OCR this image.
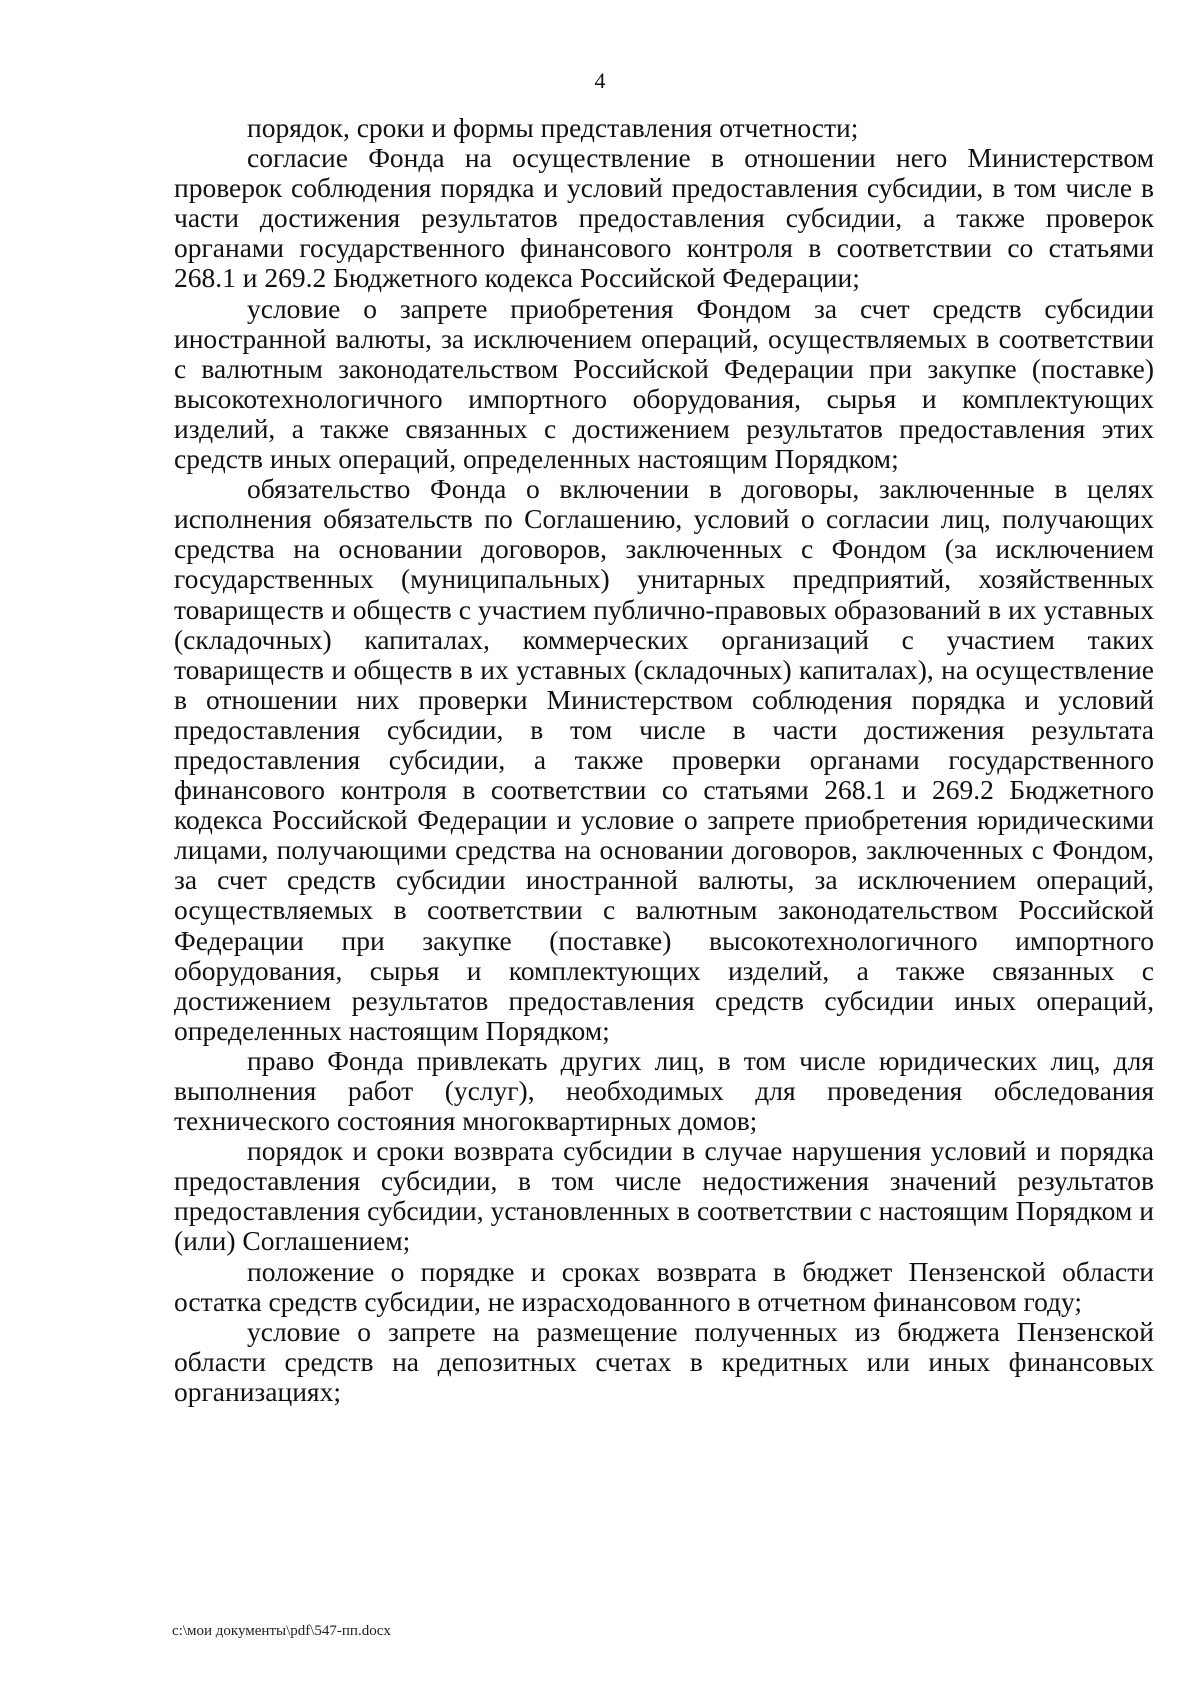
4

порядок, сроки и формы представления отчетности;

согласие Фонда на осуществление в отношении него Министерством проверок соблюдения порядка и условий предоставления субсидии, в том числе в части достижения результатов предоставления субсидии, а также проверок органами государственного финансового контроля в соответствии со статьями 268.1 и 269.2 Бюджетного кодекса Российской Федерации;

условие о запрете приобретения Фондом за счет средств субсидии иностранной валюты, за исключением операций, осуществляемых в соответствии с валютным законодательством Российской Федерации при закупке (поставке) высокотехнологичного импортного оборудования, сырья и комплектующих изделий, а также связанных с достижением результатов предоставления этих средств иных операций, определенных настоящим Порядком;

обязательство Фонда о включении в договоры, заключенные в целях исполнения обязательств по Соглашению, условий о согласии лиц, получающих средства на основании договоров, заключенных с Фондом (за исключением государственных (муниципальных) унитарных предприятий, хозяйственных товариществ и обществ с участием публично-правовых образований в их уставных (складочных) капиталах, коммерческих организаций с участием таких товариществ и обществ в их уставных (складочных) капиталах), на осуществление в отношении них проверки Министерством соблюдения порядка и условий предоставления субсидии, в том числе в части достижения результата предоставления субсидии, а также проверки органами государственного финансового контроля в соответствии со статьями 268.1 и 269.2 Бюджетного кодекса Российской Федерации и условие о запрете приобретения юридическими лицами, получающими средства на основании договоров, заключенных с Фондом, за счет средств субсидии иностранной валюты, за исключением операций, осуществляемых в соответствии с валютным законодательством Российской Федерации при закупке (поставке) высокотехнологичного импортного оборудования, сырья и комплектующих изделий, а также связанных с достижением результатов предоставления средств субсидии иных операций, определенных настоящим Порядком;

право Фонда привлекать других лиц, в том числе юридических лиц, для выполнения работ (услуг), необходимых для проведения обследования технического состояния многоквартирных домов;

порядок и сроки возврата субсидии в случае нарушения условий и порядка предоставления субсидии, в том числе недостижения значений результатов предоставления субсидии, установленных в соответствии с настоящим Порядком и (или) Соглашением;

положение о порядке и сроках возврата в бюджет Пензенской области остатка средств субсидии, не израсходованного в отчетном финансовом году;

условие о запрете на размещение полученных из бюджета Пензенской области средств на депозитных счетах в кредитных или иных финансовых организациях;

c:\мои документы\pdf\547-пп.docx
